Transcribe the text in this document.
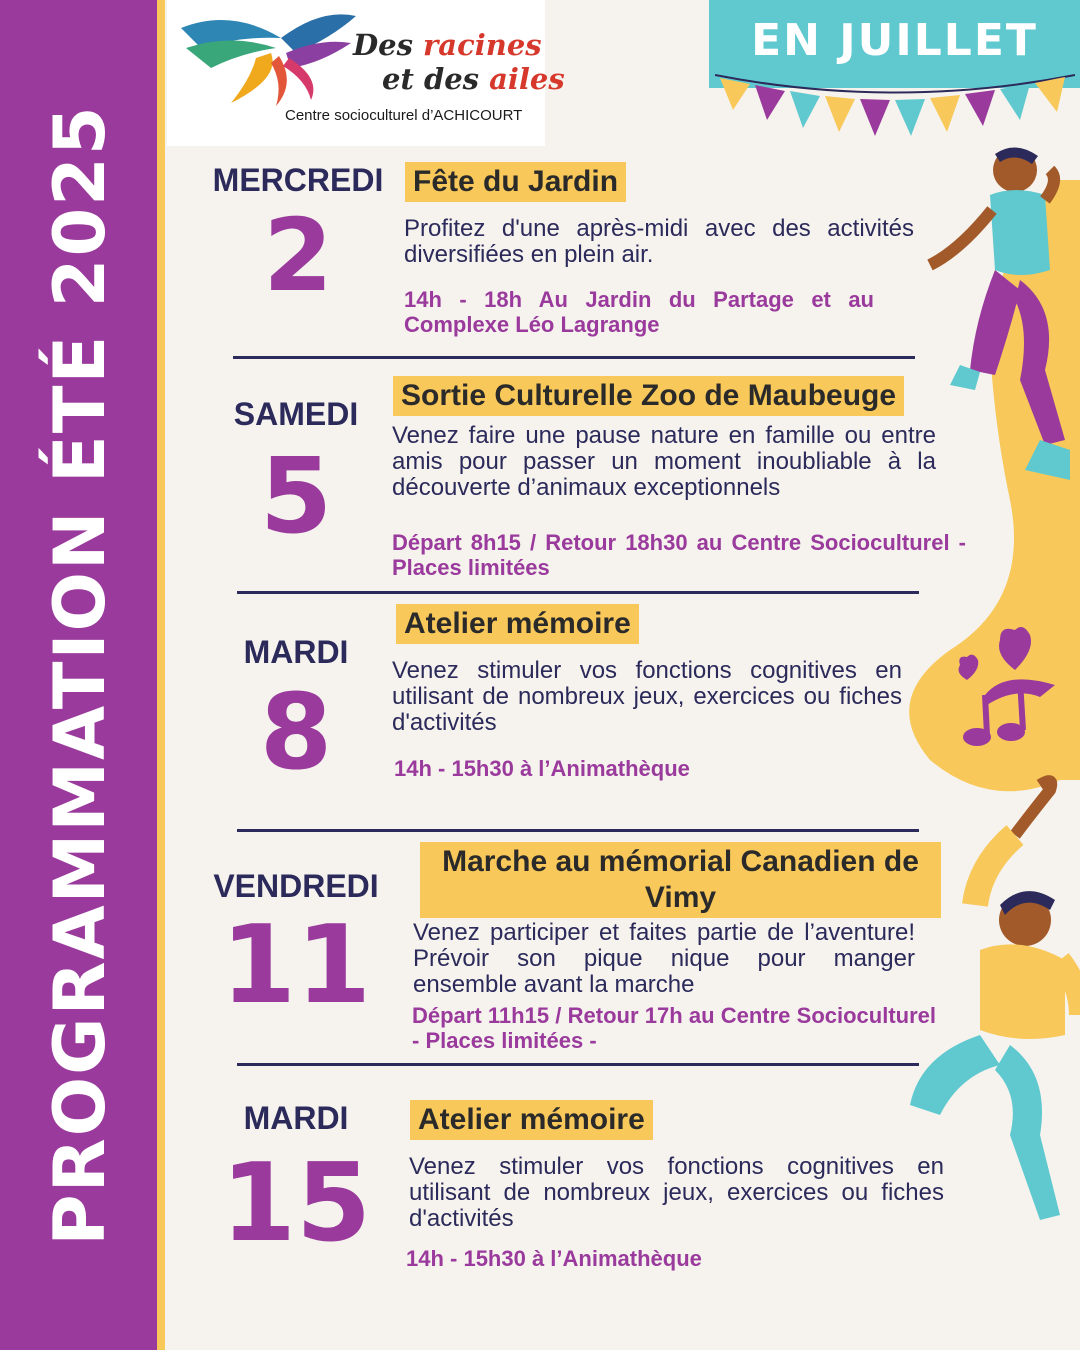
PROGRAMMATION ÉTÉ 2025
Des racines
et des ailes
Centre socioculturel d’ACHICOURT
EN JUILLET
MERCREDI
2
Fête du Jardin

Profitez d'une après-midi avec des activités diversifiées en plein air.

14h - 18h Au Jardin du Partage et au Complexe Léo Lagrange

SAMEDI
5
Sortie Culturelle Zoo de Maubeuge

Venez faire une pause nature en famille ou entre amis pour passer un moment inoubliable à la découverte d’animaux exceptionnels

Départ 8h15 / Retour 18h30 au Centre Socioculturel - Places limitées

MARDI
8
Atelier mémoire

Venez stimuler vos fonctions cognitives en utilisant de nombreux jeux, exercices ou fiches d'activités

14h - 15h30 à l’Animathèque

VENDREDI
11
Marche au mémorial Canadien de Vimy

Venez participer et faites partie de l’aventure! Prévoir son pique nique pour manger ensemble avant la marche

Départ 11h15 / Retour 17h au Centre Socioculturel - Places limitées -

MARDI
15
Atelier mémoire

Venez stimuler vos fonctions cognitives en utilisant de nombreux jeux, exercices ou fiches d'activités

14h - 15h30 à l’Animathèque
